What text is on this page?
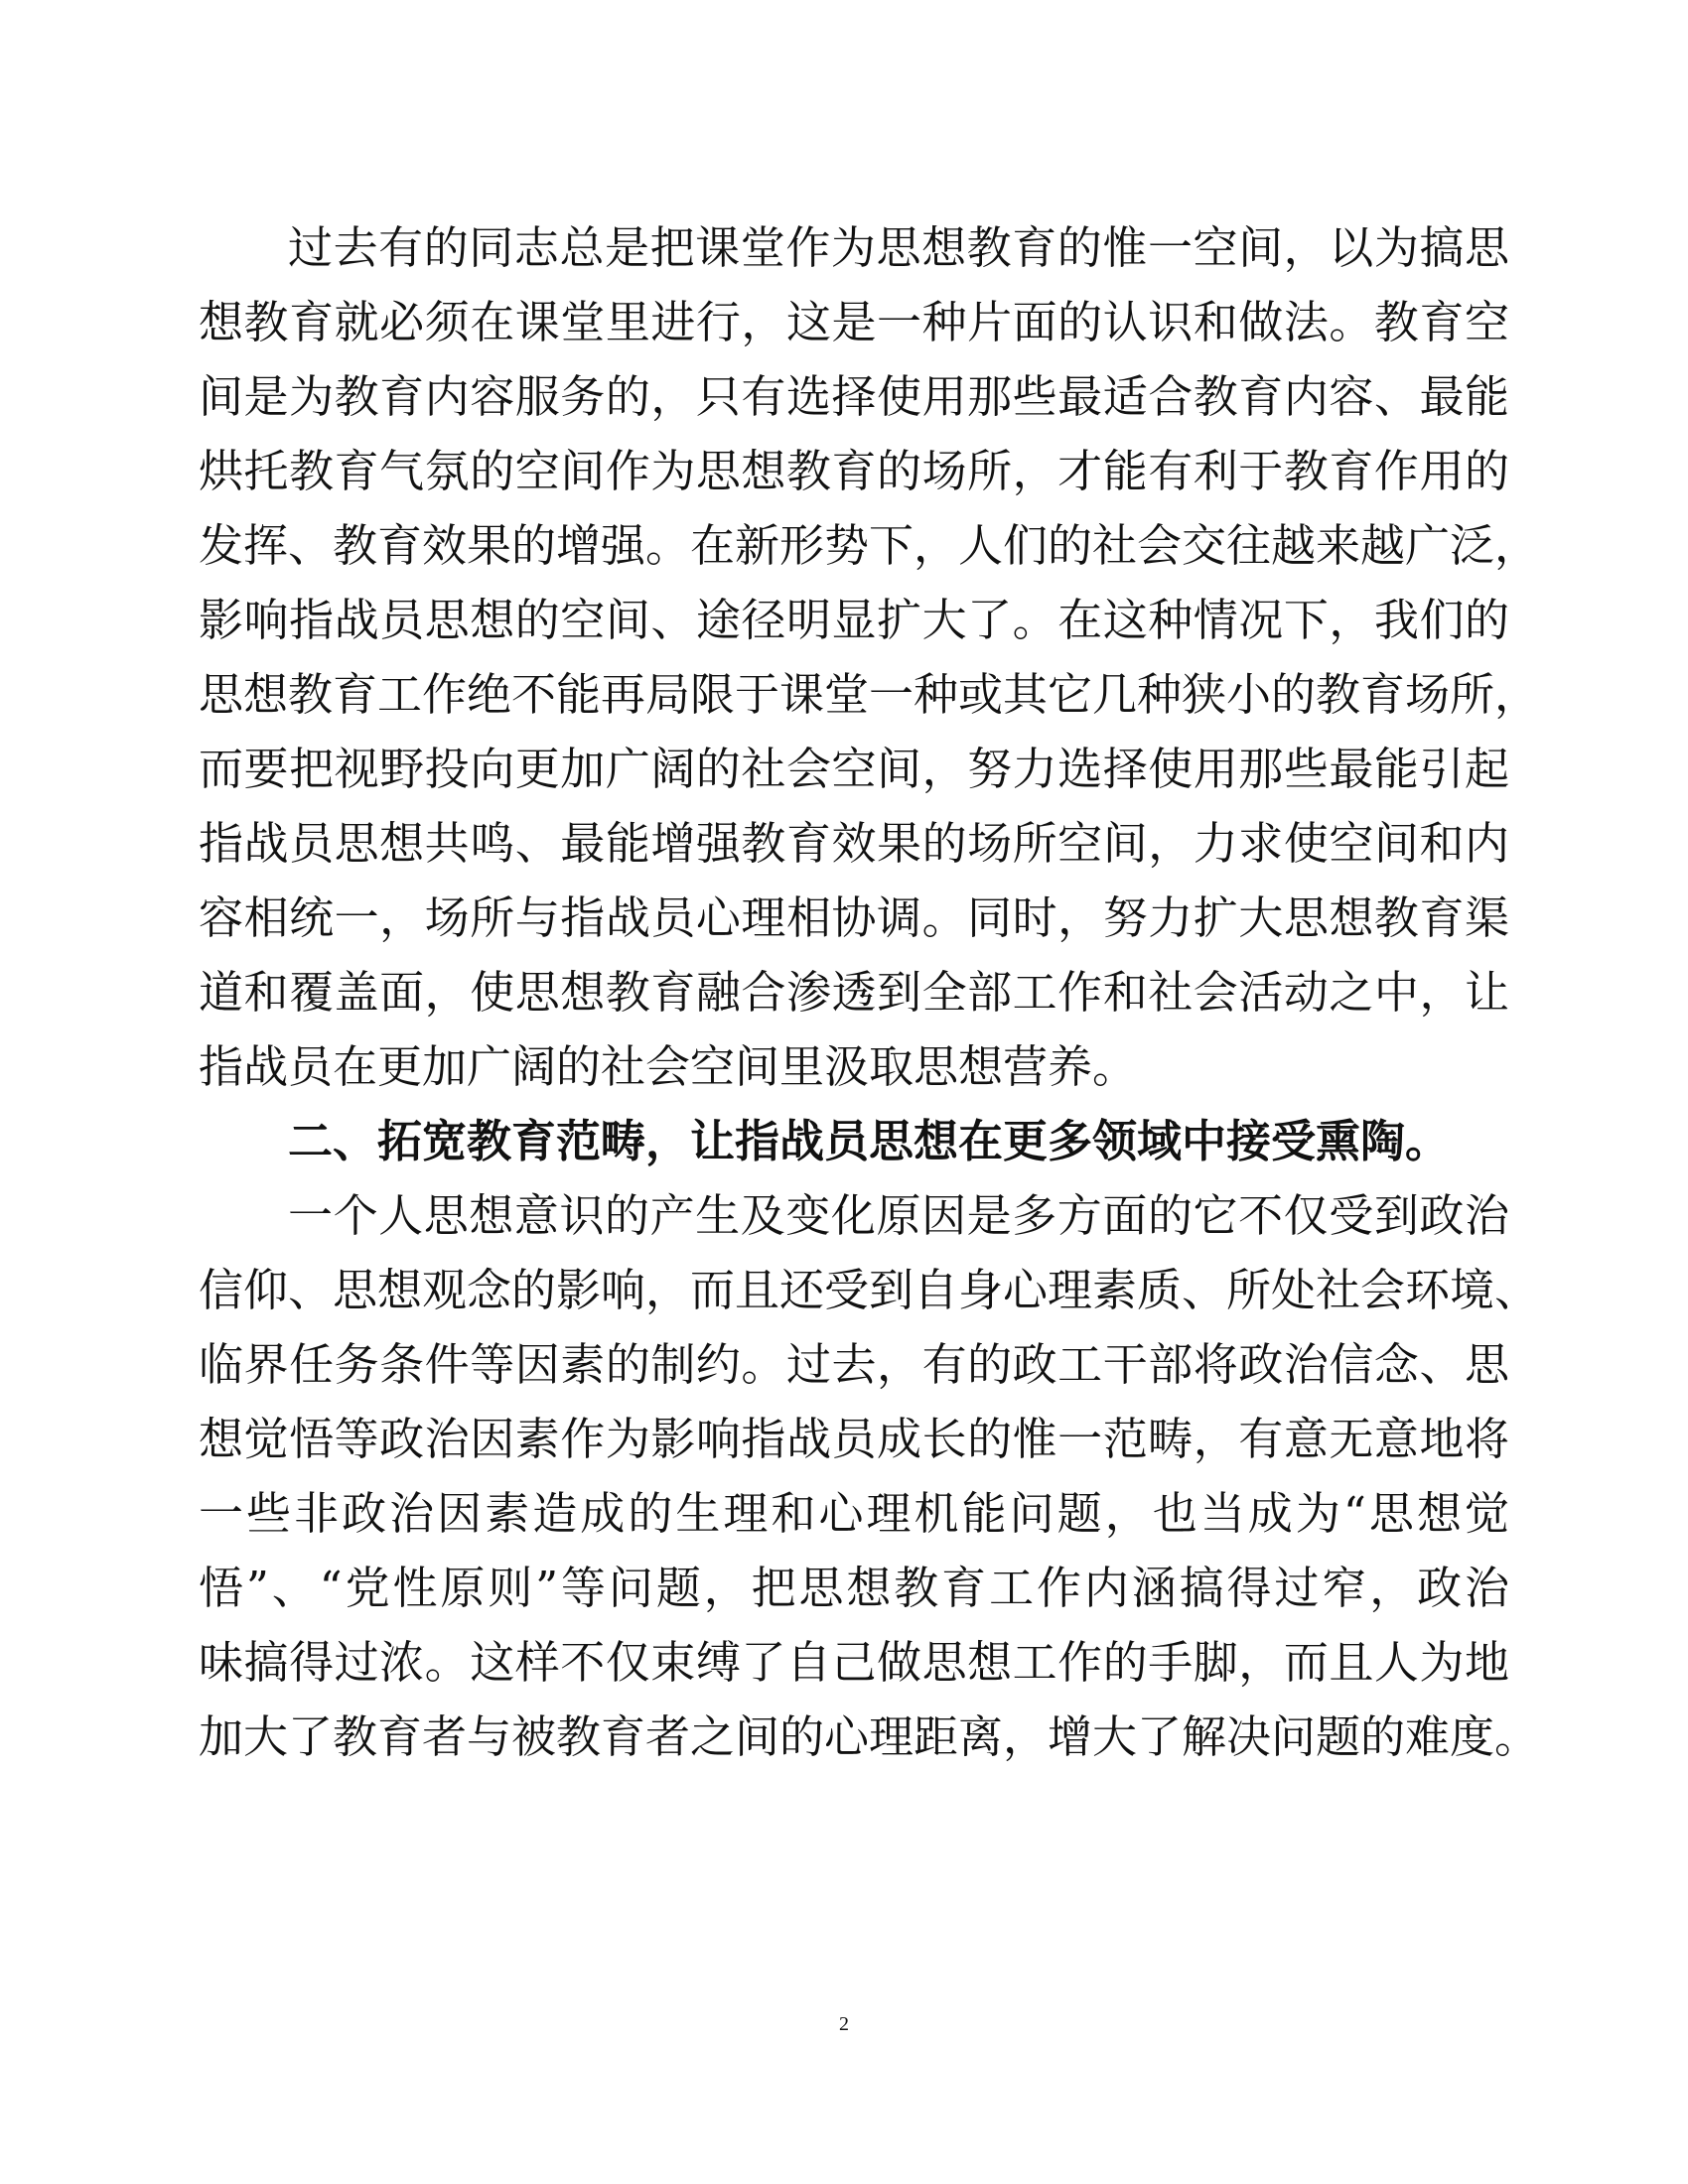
过去有的同志总是把课堂作为思想教育的惟一空间，以为搞思
想教育就必须在课堂里进行，这是一种片面的认识和做法。教育空
间是为教育内容服务的，只有选择使用那些最适合教育内容、最能
烘托教育气氛的空间作为思想教育的场所，才能有利于教育作用的
发挥、教育效果的增强。在新形势下，人们的社会交往越来越广泛，
影响指战员思想的空间、途径明显扩大了。在这种情况下，我们的
思想教育工作绝不能再局限于课堂一种或其它几种狭小的教育场所，
而要把视野投向更加广阔的社会空间，努力选择使用那些最能引起
指战员思想共鸣、最能增强教育效果的场所空间，力求使空间和内
容相统一，场所与指战员心理相协调。同时，努力扩大思想教育渠
道和覆盖面，使思想教育融合渗透到全部工作和社会活动之中，让
指战员在更加广阔的社会空间里汲取思想营养。
二、拓宽教育范畴，让指战员思想在更多领域中接受熏陶。
一个人思想意识的产生及变化原因是多方面的它不仅受到政治
信仰、思想观念的影响，而且还受到自身心理素质、所处社会环境、
临界任务条件等因素的制约。过去，有的政工干部将政治信念、思
想觉悟等政治因素作为影响指战员成长的惟一范畴，有意无意地将
一些非政治因素造成的生理和心理机能问题，也当成为“思想觉
悟”、“党性原则”等问题，把思想教育工作内涵搞得过窄，政治
味搞得过浓。这样不仅束缚了自己做思想工作的手脚，而且人为地
加大了教育者与被教育者之间的心理距离，增大了解决问题的难度。
2
